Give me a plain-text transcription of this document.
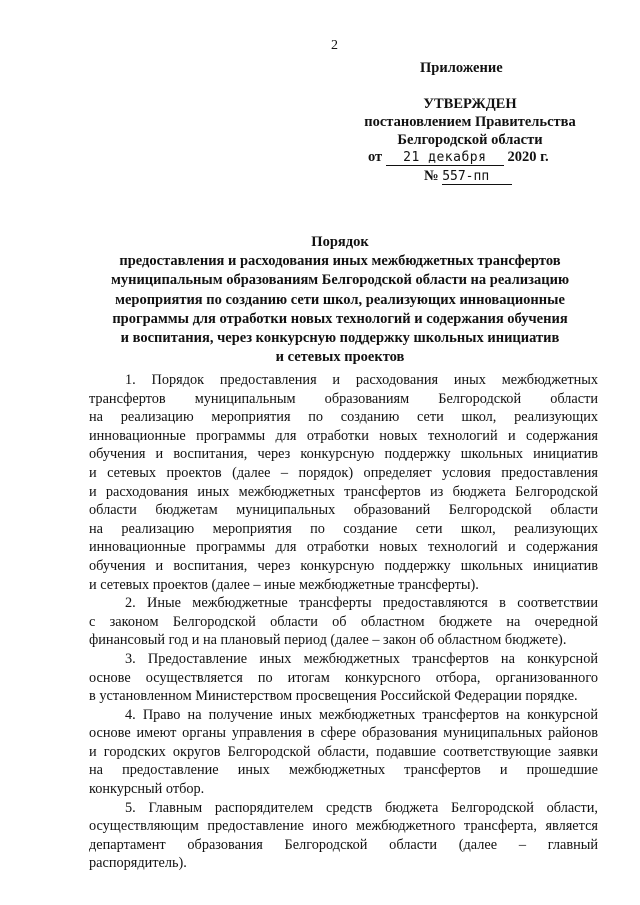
2
Приложение
УТВЕРЖДЕН
постановлением Правительства
Белгородской области
от 21 декабря 2020 г.
№ 557-пп
Порядок
предоставления и расходования иных межбюджетных трансфертов
муниципальным образованиям Белгородской области на реализацию
мероприятия по созданию сети школ, реализующих инновационные
программы для отработки новых технологий и содержания обучения
и воспитания, через конкурсную поддержку школьных инициатив
и сетевых проектов

1. Порядок предоставления и расходования иных межбюджетных
трансфертов муниципальным образованиям Белгородской области
на реализацию мероприятия по созданию сети школ, реализующих
инновационные программы для отработки новых технологий и содержания
обучения и воспитания, через конкурсную поддержку школьных инициатив
и сетевых проектов (далее – порядок) определяет условия предоставления
и расходования иных межбюджетных трансфертов из бюджета Белгородской
области бюджетам муниципальных образований Белгородской области
на реализацию мероприятия по создание сети школ, реализующих
инновационные программы для отработки новых технологий и содержания
обучения и воспитания, через конкурсную поддержку школьных инициатив
и сетевых проектов (далее – иные межбюджетные трансферты).

2. Иные межбюджетные трансферты предоставляются в соответствии
с законом Белгородской области об областном бюджете на очередной
финансовый год и на плановый период (далее – закон об областном бюджете).

3. Предоставление иных межбюджетных трансфертов на конкурсной
основе осуществляется по итогам конкурсного отбора, организованного
в установленном Министерством просвещения Российской Федерации порядке.

4. Право на получение иных межбюджетных трансфертов на конкурсной
основе имеют органы управления в сфере образования муниципальных районов
и городских округов Белгородской области, подавшие соответствующие заявки
на предоставление иных межбюджетных трансфертов и прошедшие
конкурсный отбор.

5. Главным распорядителем средств бюджета Белгородской области,
осуществляющим предоставление иного межбюджетного трансферта, является
департамент образования Белгородской области (далее – главный
распорядитель).
